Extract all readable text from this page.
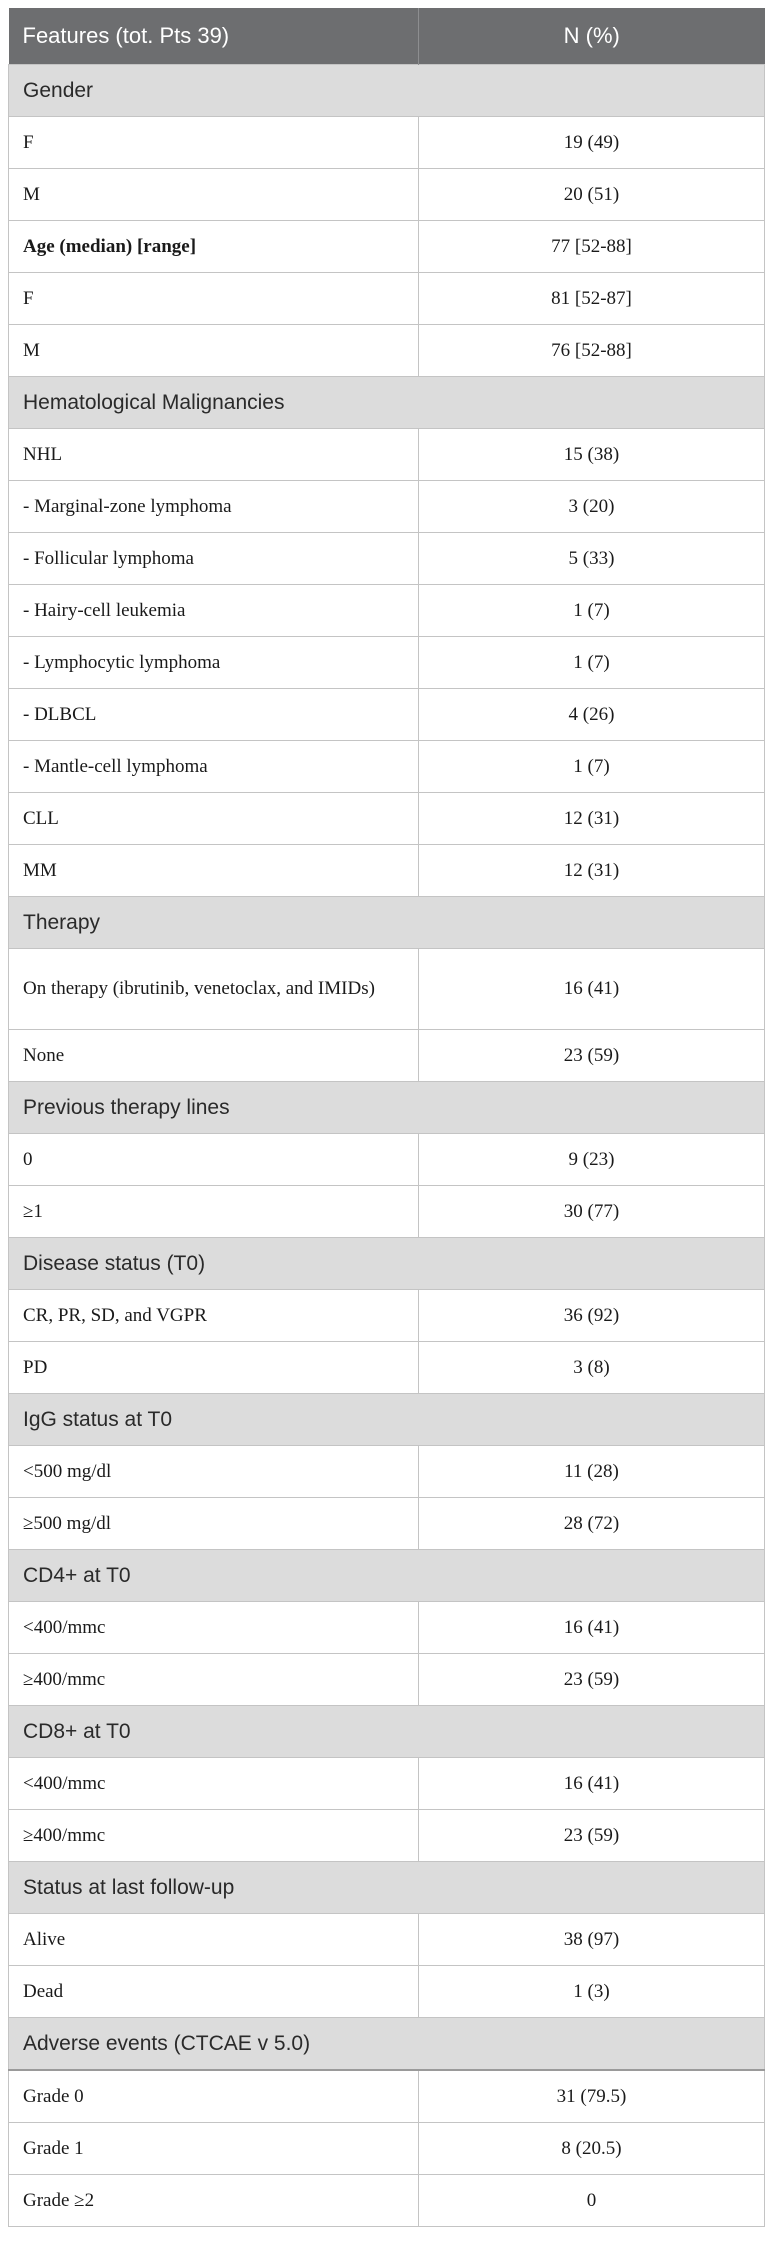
Features (tot. Pts 39)	N (%)
Gender	
F	19 (49)
M	20 (51)
Age (median) [range]	77 [52-88]
F	81 [52-87]
M	76 [52-88]
Hematological Malignancies	
NHL	15 (38)
- Marginal-zone lymphoma	3 (20)
- Follicular lymphoma	5 (33)
- Hairy-cell leukemia	1 (7)
- Lymphocytic lymphoma	1 (7)
- DLBCL	4 (26)
- Mantle-cell lymphoma	1 (7)
CLL	12 (31)
MM	12 (31)
Therapy	
On therapy (ibrutinib, venetoclax, and IMIDs)	16 (41)
None	23 (59)
Previous therapy lines	
0	9 (23)
≥1	30 (77)
Disease status (T0)	
CR, PR, SD, and VGPR	36 (92)
PD	3 (8)
IgG status at T0	
<500 mg/dl	11 (28)
≥500 mg/dl	28 (72)
CD4+ at T0	
<400/mmc	16 (41)
≥400/mmc	23 (59)
CD8+ at T0	
<400/mmc	16 (41)
≥400/mmc	23 (59)
Status at last follow-up	
Alive	38 (97)
Dead	1 (3)
Adverse events (CTCAE v 5.0)	
Grade 0	31 (79.5)
Grade 1	8 (20.5)
Grade ≥2	0
